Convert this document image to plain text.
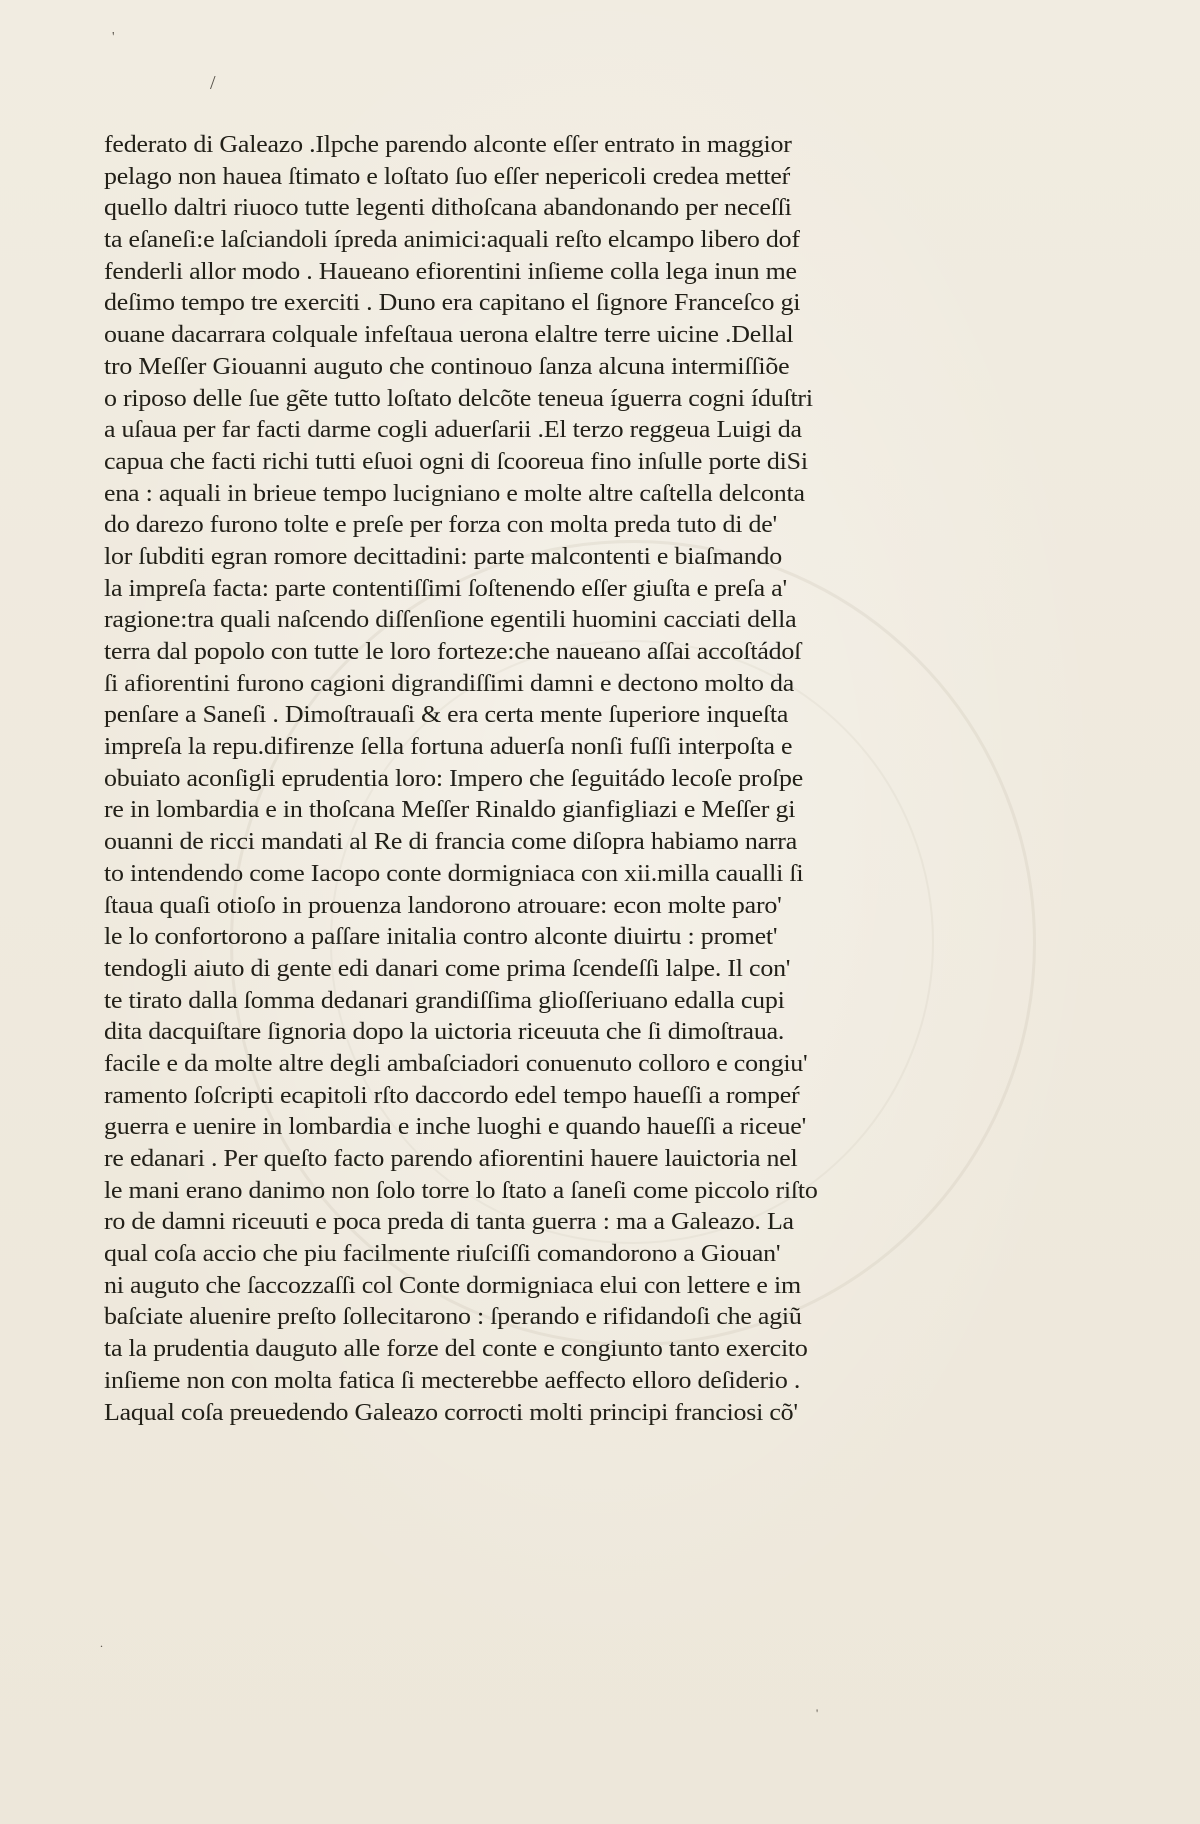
'
/
.
'
federato di Galeazo .Ilpche parendo alconte eſſer entrato in maggior
pelago non hauea ſtimato e loſtato ſuo eſſer nepericoli credea metteŕ
quello daltri riuoco tutte legenti dithoſcana abandonando per neceſſi
ta eſaneſi:e laſciandoli ípreda animici:aquali reſto elcampo libero dof
fenderli allor modo . Haueano efiorentini inſieme colla lega inun me
deſimo tempo tre exerciti . Duno era capitano el ſignore Franceſco gi
ouane dacarrara colquale infeſtaua uerona elaltre terre uicine .Dellal
tro Meſſer Giouanni auguto che continouo ſanza alcuna intermiſſiõe
o riposo delle ſue gẽte tutto loſtato delcõte teneua íguerra cogni íduſtri
a uſaua per far facti darme cogli aduerſarii .El terzo reggeua Luigi da
capua che facti richi tutti eſuoi ogni di ſcooreua fino inſulle porte diSi
ena : aquali in brieue tempo lucigniano e molte altre caſtella delconta
do darezo furono tolte e preſe per forza con molta preda tuto di de'
lor ſubditi egran romore decittadini: parte malcontenti e biaſmando
la impreſa facta: parte contentiſſimi ſoſtenendo eſſer giuſta e preſa a'
ragione:tra quali naſcendo diſſenſione egentili huomini cacciati della
terra dal popolo con tutte le loro forteze:che naueano aſſai accoſtádoſ
ſi afiorentini furono cagioni digrandiſſimi damni e dectono molto da
penſare a Saneſi . Dimoſtrauaſi & era certa mente ſuperiore inqueſta
impreſa la repu.difirenze ſella fortuna aduerſa nonſi fuſſi interpoſta e
obuiato aconſigli eprudentia loro: Impero che ſeguitádo lecoſe proſpe
re in lombardia e in thoſcana Meſſer Rinaldo gianfigliazi e Meſſer gi
ouanni de ricci mandati al Re di francia come diſopra habiamo narra
to intendendo come Iacopo conte dormigniaca con xii.milla caualli ſi
ſtaua quaſi otioſo in prouenza landorono atrouare: econ molte paro'
le lo confortorono a paſſare initalia contro alconte diuirtu : promet'
tendogli aiuto di gente edi danari come prima ſcendeſſi lalpe. Il con'
te tirato dalla ſomma dedanari grandiſſima glioſſeriuano edalla cupi
dita dacquiſtare ſignoria dopo la uictoria riceuuta che ſi dimoſtraua.
facile e da molte altre degli ambaſciadori conuenuto colloro e congiu'
ramento ſoſcripti ecapitoli rſto daccordo edel tempo haueſſi a rompeŕ
guerra e uenire in lombardia e inche luoghi e quando haueſſi a riceue'
re edanari . Per queſto facto parendo afiorentini hauere lauictoria nel
le mani erano danimo non ſolo torre lo ſtato a ſaneſi come piccolo riſto
ro de damni riceuuti e poca preda di tanta guerra : ma a Galeazo. La
qual coſa accio che piu facilmente riuſciſſi comandorono a Giouan'
ni auguto che ſaccozzaſſi col Conte dormigniaca elui con lettere e im
baſciate aluenire preſto ſollecitarono : ſperando e rifidandoſi che agiũ
ta la prudentia dauguto alle forze del conte e congiunto tanto exercito
inſieme non con molta fatica ſi mecterebbe aeffecto elloro deſiderio .
Laqual coſa preuedendo Galeazo corrocti molti principi franciosi cõ'
